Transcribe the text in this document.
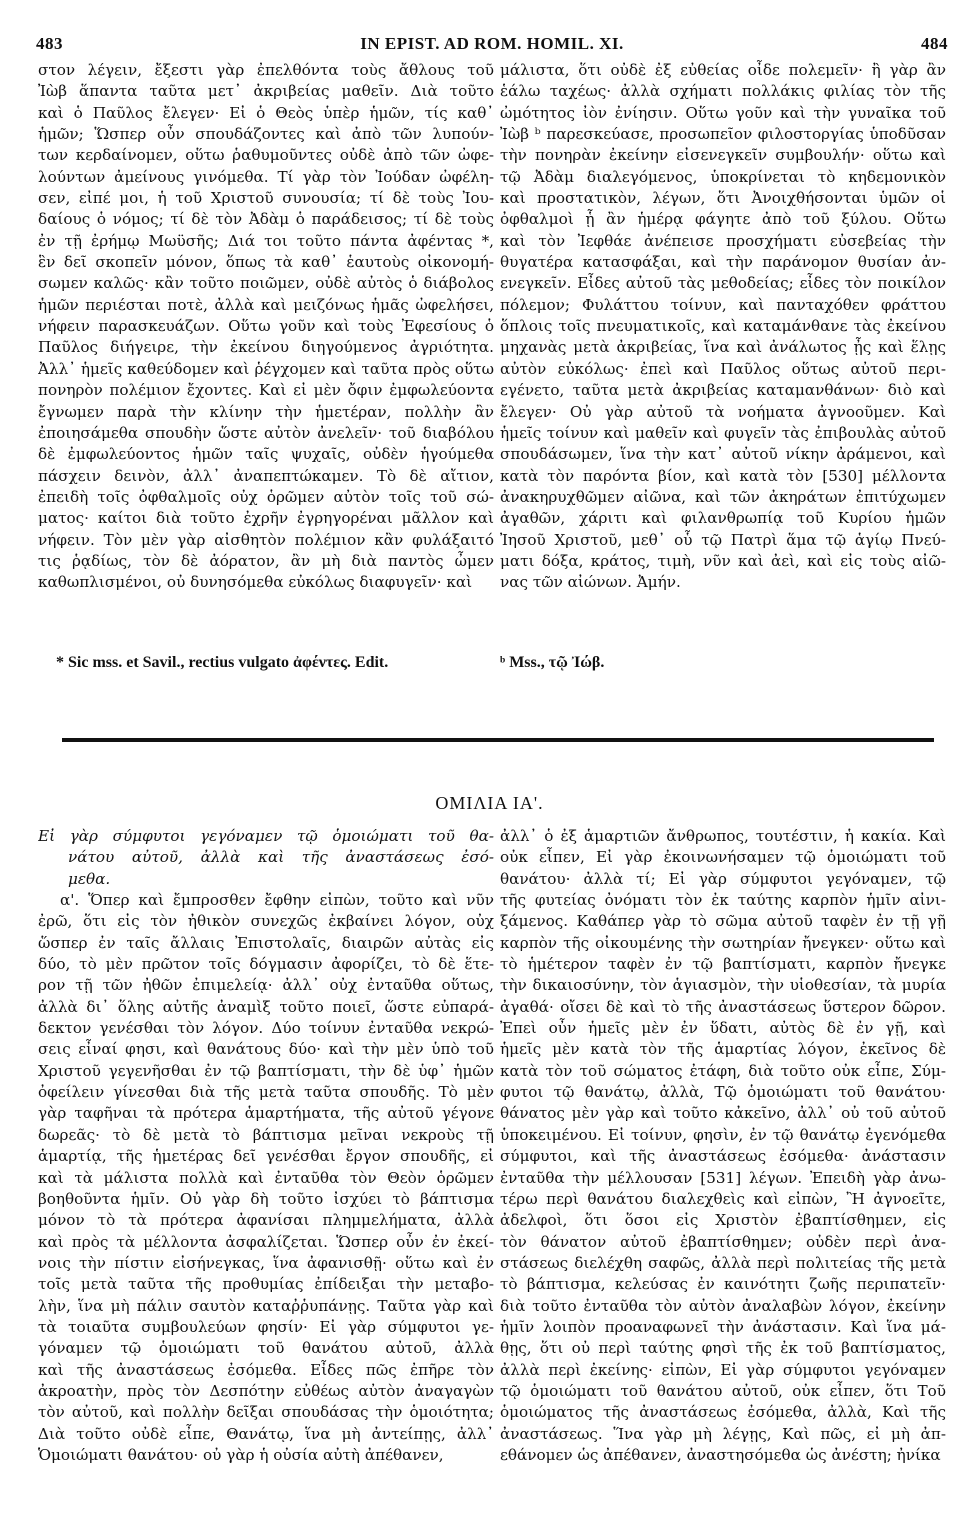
483	IN EPIST. AD ROM. HOMIL. XI.	484
στον λέγειν, ἔξεστι γὰρ ἐπελθόντα τοὺς ἄθλους τοῦ
Ἰὼβ ἅπαντα ταῦτα μετ᾽ ἀκριβείας μαθεῖν. Διὰ τοῦτο
καὶ ὁ Παῦλος ἔλεγεν· Εἰ ὁ Θεὸς ὑπὲρ ἡμῶν, τίς καθ᾽
ἡμῶν; Ὥσπερ οὖν σπουδάζοντες καὶ ἀπὸ τῶν λυπούν-
των κερδαίνομεν, οὕτω ῥαθυμοῦντες οὐδὲ ἀπὸ τῶν ὠφε-
λούντων ἀμείνους γινόμεθα. Τί γὰρ τὸν Ἰούδαν ὠφέλη-
σεν, εἰπέ μοι, ἡ τοῦ Χριστοῦ συνουσία; τί δὲ τοὺς Ἰου-
δαίους ὁ νόμος; τί δὲ τὸν Ἀδὰμ ὁ παράδεισος; τί δὲ τοὺς
ἐν τῇ ἐρήμῳ Μωϋσῆς; Διά τοι τοῦτο πάντα ἀφέντας *,
ἓν δεῖ σκοπεῖν μόνον, ὅπως τὰ καθ᾽ ἑαυτοὺς οἰκονομή-
σωμεν καλῶς· κἂν τοῦτο ποιῶμεν, οὐδὲ αὐτὸς ὁ διάβολος
ἡμῶν περιέσται ποτὲ, ἀλλὰ καὶ μειζόνως ἡμᾶς ὠφελήσει,
νήφειν παρασκευάζων. Οὕτω γοῦν καὶ τοὺς Ἐφεσίους ὁ
Παῦλος διήγειρε, τὴν ἐκείνου διηγούμενος ἀγριότητα.
Ἀλλ᾽ ἡμεῖς καθεύδομεν καὶ ῥέγχομεν καὶ ταῦτα πρὸς οὕτω
πονηρὸν πολέμιον ἔχοντες. Καὶ εἰ μὲν ὄφιν ἐμφωλεύοντα
ἔγνωμεν παρὰ τὴν κλίνην τὴν ἡμετέραν, πολλὴν ἂν
ἐποιησάμεθα σπουδὴν ὥστε αὐτὸν ἀνελεῖν· τοῦ διαβόλου
δὲ ἐμφωλεύοντος ἡμῶν ταῖς ψυχαῖς, οὐδὲν ἡγούμεθα
πάσχειν δεινὸν, ἀλλ᾽ ἀναπεπτώκαμεν. Τὸ δὲ αἴτιον,
ἐπειδὴ τοῖς ὀφθαλμοῖς οὐχ ὁρῶμεν αὐτὸν τοῖς τοῦ σώ-
ματος· καίτοι διὰ τοῦτο ἐχρῆν ἐγρηγορέναι μᾶλλον καὶ
νήφειν. Τὸν μὲν γὰρ αἰσθητὸν πολέμιον κἂν φυλάξαιτό
τις ῥᾳδίως, τὸν δὲ ἀόρατον, ἂν μὴ διὰ παντὸς ὦμεν
καθωπλισμένοι, οὐ δυνησόμεθα εὐκόλως διαφυγεῖν· καὶ
μάλιστα, ὅτι οὐδὲ ἐξ εὐθείας οἶδε πολεμεῖν· ἢ γὰρ ἂν
ἑάλω ταχέως· ἀλλὰ σχήματι πολλάκις φιλίας τὸν τῆς
ὠμότητος ἰὸν ἐνίησιν. Οὕτω γοῦν καὶ τὴν γυναῖκα τοῦ
Ἰὼβ ᵇ παρεσκεύασε, προσωπεῖον φιλοστοργίας ὑποδῦσαν
τὴν πονηρὰν ἐκείνην εἰσενεγκεῖν συμβουλήν· οὕτω καὶ
τῷ Ἀδὰμ διαλεγόμενος, ὑποκρίνεται τὸ κηδεμονικὸν
καὶ προστατικὸν, λέγων, ὅτι Ἀνοιχθήσονται ὑμῶν οἱ
ὀφθαλμοὶ ᾗ ἂν ἡμέρᾳ φάγητε ἀπὸ τοῦ ξύλου. Οὕτω
καὶ τὸν Ἰεφθάε ἀνέπεισε προσχήματι εὐσεβείας τὴν
θυγατέρα κατασφάξαι, καὶ τὴν παράνομον θυσίαν ἀν-
ενεγκεῖν. Εἶδες αὐτοῦ τὰς μεθοδείας; εἶδες τὸν ποικίλον
πόλεμον; Φυλάττου τοίνυν, καὶ πανταχόθεν φράττου
ὅπλοις τοῖς πνευματικοῖς, καὶ καταμάνθανε τὰς ἐκείνου
μηχανὰς μετὰ ἀκριβείας, ἵνα καὶ ἀνάλωτος ᾖς καὶ ἕλῃς
αὐτὸν εὐκόλως· ἐπεὶ καὶ Παῦλος οὕτως αὐτοῦ περι-
εγένετο, ταῦτα μετὰ ἀκριβείας καταμανθάνων· διὸ καὶ
ἔλεγεν· Οὐ γὰρ αὐτοῦ τὰ νοήματα ἀγνοοῦμεν. Καὶ
ἡμεῖς τοίνυν καὶ μαθεῖν καὶ φυγεῖν τὰς ἐπιβουλὰς αὐτοῦ
σπουδάσωμεν, ἵνα τὴν κατ᾽ αὐτοῦ νίκην ἀράμενοι, καὶ
κατὰ τὸν παρόντα βίον, καὶ κατὰ τὸν [530] μέλλοντα
ἀνακηρυχθῶμεν αἰῶνα, καὶ τῶν ἀκηράτων ἐπιτύχωμεν
ἀγαθῶν, χάριτι καὶ φιλανθρωπίᾳ τοῦ Κυρίου ἡμῶν
Ἰησοῦ Χριστοῦ, μεθ᾽ οὗ τῷ Πατρὶ ἅμα τῷ ἁγίῳ Πνεύ-
ματι δόξα, κράτος, τιμὴ, νῦν καὶ ἀεὶ, καὶ εἰς τοὺς αἰῶ-
νας τῶν αἰώνων. Ἀμήν.
* Sic mss. et Savil., rectius vulgato ἀφέντες. Edit.	ᵇ Mss., τῷ Ἰώβ.
ΟΜΙΛΙΑ ΙΑ'.
Εἰ γὰρ σύμφυτοι γεγόναμεν τῷ ὁμοιώματι τοῦ θα-
νάτου αὐτοῦ, ἀλλὰ καὶ τῆς ἀναστάσεως ἐσό-
μεθα.
α'. Ὅπερ καὶ ἔμπροσθεν ἔφθην εἰπὼν, τοῦτο καὶ νῦν
ἐρῶ, ὅτι εἰς τὸν ἠθικὸν συνεχῶς ἐκβαίνει λόγον, οὐχ
ὥσπερ ἐν ταῖς ἄλλαις Ἐπιστολαῖς, διαιρῶν αὐτὰς εἰς
δύο, τὸ μὲν πρῶτον τοῖς δόγμασιν ἀφορίζει, τὸ δὲ ἕτε-
ρον τῇ τῶν ἠθῶν ἐπιμελείᾳ· ἀλλ᾽ οὐχ ἐνταῦθα οὕτως,
ἀλλὰ δι᾽ ὅλης αὐτῆς ἀναμὶξ τοῦτο ποιεῖ, ὥστε εὐπαρά-
δεκτον γενέσθαι τὸν λόγον. Δύο τοίνυν ἐνταῦθα νεκρώ-
σεις εἶναί φησι, καὶ θανάτους δύο· καὶ τὴν μὲν ὑπὸ τοῦ
Χριστοῦ γεγενῆσθαι ἐν τῷ βαπτίσματι, τὴν δὲ ὑφ᾽ ἡμῶν
ὀφείλειν γίνεσθαι διὰ τῆς μετὰ ταῦτα σπουδῆς. Τὸ μὲν
γὰρ ταφῆναι τὰ πρότερα ἁμαρτήματα, τῆς αὐτοῦ γέγονε
δωρεᾶς· τὸ δὲ μετὰ τὸ βάπτισμα μεῖναι νεκροὺς τῇ
ἁμαρτίᾳ, τῆς ἡμετέρας δεῖ γενέσθαι ἔργον σπουδῆς, εἰ
καὶ τὰ μάλιστα πολλὰ καὶ ἐνταῦθα τὸν Θεὸν ὁρῶμεν
βοηθοῦντα ἡμῖν. Οὐ γὰρ δὴ τοῦτο ἰσχύει τὸ βάπτισμα
μόνον τὸ τὰ πρότερα ἀφανίσαι πλημμελήματα, ἀλλὰ
καὶ πρὸς τὰ μέλλοντα ἀσφαλίζεται. Ὥσπερ οὖν ἐν ἐκεί-
νοις τὴν πίστιν εἰσήνεγκας, ἵνα ἀφανισθῇ· οὕτω καὶ ἐν
τοῖς μετὰ ταῦτα τῆς προθυμίας ἐπίδειξαι τὴν μεταβο-
λὴν, ἵνα μὴ πάλιν σαυτὸν καταῤῥυπάνῃς. Ταῦτα γὰρ καὶ
τὰ τοιαῦτα συμβουλεύων φησίν· Εἰ γὰρ σύμφυτοι γε-
γόναμεν τῷ ὁμοιώματι τοῦ θανάτου αὐτοῦ, ἀλλὰ
καὶ τῆς ἀναστάσεως ἐσόμεθα. Εἶδες πῶς ἐπῆρε τὸν
ἀκροατὴν, πρὸς τὸν Δεσπότην εὐθέως αὐτὸν ἀναγαγὼν
τὸν αὐτοῦ, καὶ πολλὴν δεῖξαι σπουδάσας τὴν ὁμοιότητα;
Διὰ τοῦτο οὐδὲ εἶπε, Θανάτῳ, ἵνα μὴ ἀντείπῃς, ἀλλ᾽
Ὁμοιώματι θανάτου· οὐ γὰρ ἡ οὐσία αὐτὴ ἀπέθανεν,
ἀλλ᾽ ὁ ἐξ ἁμαρτιῶν ἄνθρωπος, τουτέστιν, ἡ κακία. Καὶ
οὐκ εἶπεν, Εἰ γὰρ ἐκοινωνήσαμεν τῷ ὁμοιώματι τοῦ
θανάτου· ἀλλὰ τί; Εἰ γὰρ σύμφυτοι γεγόναμεν, τῷ
τῆς φυτείας ὀνόματι τὸν ἐκ ταύτης καρπὸν ἡμῖν αἰνι-
ξάμενος. Καθάπερ γὰρ τὸ σῶμα αὐτοῦ ταφὲν ἐν τῇ γῇ
καρπὸν τῆς οἰκουμένης τὴν σωτηρίαν ἤνεγκεν· οὕτω καὶ
τὸ ἡμέτερον ταφὲν ἐν τῷ βαπτίσματι, καρπὸν ἤνεγκε
τὴν δικαιοσύνην, τὸν ἁγιασμὸν, τὴν υἱοθεσίαν, τὰ μυρία
ἀγαθά· οἴσει δὲ καὶ τὸ τῆς ἀναστάσεως ὕστερον δῶρον.
Ἐπεὶ οὖν ἡμεῖς μὲν ἐν ὕδατι, αὐτὸς δὲ ἐν γῇ, καὶ
ἡμεῖς μὲν κατὰ τὸν τῆς ἁμαρτίας λόγον, ἐκεῖνος δὲ
κατὰ τὸν τοῦ σώματος ἐτάφη, διὰ τοῦτο οὐκ εἶπε, Σύμ-
φυτοι τῷ θανάτῳ, ἀλλὰ, Τῷ ὁμοιώματι τοῦ θανάτου·
θάνατος μὲν γὰρ καὶ τοῦτο κἀκεῖνο, ἀλλ᾽ οὐ τοῦ αὐτοῦ
ὑποκειμένου. Εἰ τοίνυν, φησὶν, ἐν τῷ θανάτῳ ἐγενόμεθα
σύμφυτοι, καὶ τῆς ἀναστάσεως ἐσόμεθα· ἀνάστασιν
ἐνταῦθα τὴν μέλλουσαν [531] λέγων. Ἐπειδὴ γὰρ ἀνω-
τέρω περὶ θανάτου διαλεχθεὶς καὶ εἰπὼν, Ἢ ἀγνοεῖτε,
ἀδελφοὶ, ὅτι ὅσοι εἰς Χριστὸν ἐβαπτίσθημεν, εἰς
τὸν θάνατον αὐτοῦ ἐβαπτίσθημεν; οὐδὲν περὶ ἀνα-
στάσεως διελέχθη σαφῶς, ἀλλὰ περὶ πολιτείας τῆς μετὰ
τὸ βάπτισμα, κελεύσας ἐν καινότητι ζωῆς περιπατεῖν·
διὰ τοῦτο ἐνταῦθα τὸν αὐτὸν ἀναλαβὼν λόγον, ἐκείνην
ἡμῖν λοιπὸν προαναφωνεῖ τὴν ἀνάστασιν. Καὶ ἵνα μά-
θῃς, ὅτι οὐ περὶ ταύτης φησὶ τῆς ἐκ τοῦ βαπτίσματος,
ἀλλὰ περὶ ἐκείνης· εἰπὼν, Εἰ γὰρ σύμφυτοι γεγόναμεν
τῷ ὁμοιώματι τοῦ θανάτου αὐτοῦ, οὐκ εἶπεν, ὅτι Τοῦ
ὁμοιώματος τῆς ἀναστάσεως ἐσόμεθα, ἀλλὰ, Καὶ τῆς
ἀναστάσεως. Ἵνα γὰρ μὴ λέγῃς, Καὶ πῶς, εἰ μὴ ἀπ-
εθάνομεν ὡς ἀπέθανεν, ἀναστησόμεθα ὡς ἀνέστη; ἠνίκα
